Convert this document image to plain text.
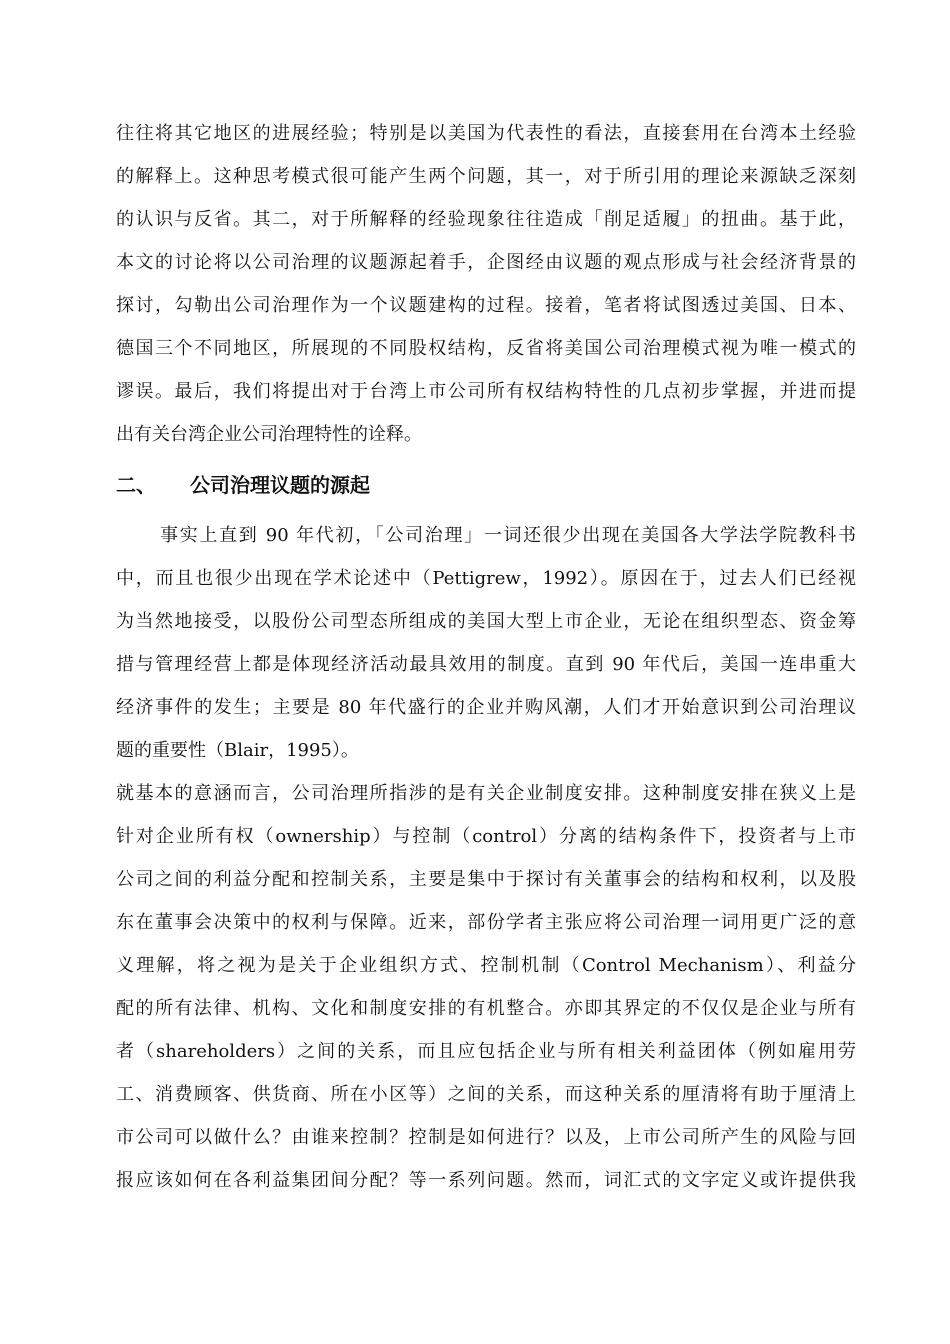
往往将其它地区的进展经验；特别是以美国为代表性的看法，直接套用在台湾本土经验
的解释上。这种思考模式很可能产生两个问题，其一，对于所引用的理论来源缺乏深刻
的认识与反省。其二，对于所解释的经验现象往往造成「削足适履」的扭曲。基于此，
本文的讨论将以公司治理的议题源起着手，企图经由议题的观点形成与社会经济背景的
探讨，勾勒出公司治理作为一个议题建构的过程。接着，笔者将试图透过美国、日本、
德国三个不同地区，所展现的不同股权结构，反省将美国公司治理模式视为唯一模式的
谬误。最后，我们将提出对于台湾上市公司所有权结构特性的几点初步掌握，并进而提
出有关台湾企业公司治理特性的诠释。
二、 公司治理议题的源起
事实上直到 90 年代初，「公司治理」一词还很少出现在美国各大学法学院教科书
中，而且也很少出现在学术论述中（Pettigrew，1992）。原因在于，过去人们已经视
为当然地接受，以股份公司型态所组成的美国大型上市企业，无论在组织型态、资金筹
措与管理经营上都是体现经济活动最具效用的制度。直到 90 年代后，美国一连串重大
经济事件的发生；主要是 80 年代盛行的企业并购风潮，人们才开始意识到公司治理议
题的重要性（Blair，1995）。
就基本的意涵而言，公司治理所指涉的是有关企业制度安排。这种制度安排在狭义上是
针对企业所有权（ownership）与控制（control）分离的结构条件下，投资者与上市
公司之间的利益分配和控制关系，主要是集中于探讨有关董事会的结构和权利，以及股
东在董事会决策中的权利与保障。近来，部份学者主张应将公司治理一词用更广泛的意
义理解，将之视为是关于企业组织方式、控制机制（Control Mechanism）、利益分
配的所有法律、机构、文化和制度安排的有机整合。亦即其界定的不仅仅是企业与所有
者（shareholders）之间的关系，而且应包括企业与所有相关利益团体（例如雇用劳
工、消费顾客、供货商、所在小区等）之间的关系，而这种关系的厘清将有助于厘清上
市公司可以做什么？由谁来控制？控制是如何进行？以及，上市公司所产生的风险与回
报应该如何在各利益集团间分配？等一系列问题。然而，词汇式的文字定义或许提供我
